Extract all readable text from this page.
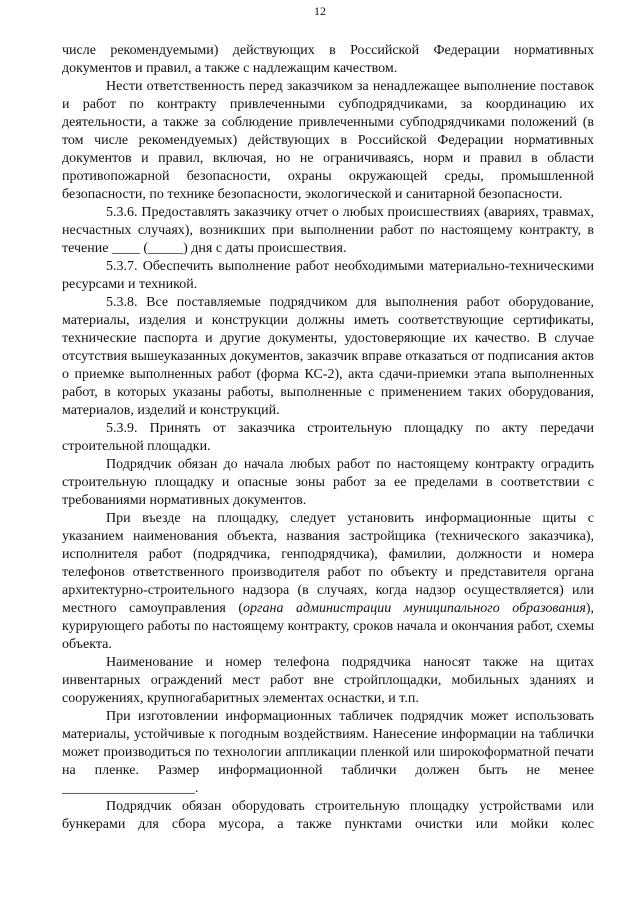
12

числе рекомендуемыми) действующих в Российской Федерации нормативных документов и правил, а также с надлежащим качеством.

Нести ответственность перед заказчиком за ненадлежащее выполнение поставок и работ по контракту привлеченными субподрядчиками, за координацию их деятельности, а также за соблюдение привлеченными субподрядчиками положений (в том числе рекомендуемых) действующих в Российской Федерации нормативных документов и правил, включая, но не ограничиваясь, норм и правил в области противопожарной безопасности, охраны окружающей среды, промышленной безопасности, по технике безопасности, экологической и санитарной безопасности.

5.3.6. Предоставлять заказчику отчет о любых происшествиях (авариях, травмах, несчастных случаях), возникших при выполнении работ по настоящему контракту, в течение ____ (_____) дня с даты происшествия.

5.3.7. Обеспечить выполнение работ необходимыми материально-техническими ресурсами и техникой.

5.3.8. Все поставляемые подрядчиком для выполнения работ оборудование, материалы, изделия и конструкции должны иметь соответствующие сертификаты, технические паспорта и другие документы, удостоверяющие их качество. В случае отсутствия вышеуказанных документов, заказчик вправе отказаться от подписания актов о приемке выполненных работ (форма КС-2), акта сдачи-приемки этапа выполненных работ, в которых указаны работы, выполненные с применением таких оборудования, материалов, изделий и конструкций.

5.3.9. Принять от заказчика строительную площадку по акту передачи строительной площадки.

Подрядчик обязан до начала любых работ по настоящему контракту оградить строительную площадку и опасные зоны работ за ее пределами в соответствии с требованиями нормативных документов.

При въезде на площадку, следует установить информационные щиты с указанием наименования объекта, названия застройщика (технического заказчика), исполнителя работ (подрядчика, генподрядчика), фамилии, должности и номера телефонов ответственного производителя работ по объекту и представителя органа архитектурно-строительного надзора (в случаях, когда надзор осуществляется) или местного самоуправления (органа администрации муниципального образования), курирующего работы по настоящему контракту, сроков начала и окончания работ, схемы объекта.

Наименование и номер телефона подрядчика наносят также на щитах инвентарных ограждений мест работ вне стройплощадки, мобильных зданиях и сооружениях, крупногабаритных элементах оснастки, и т.п.

При изготовлении информационных табличек подрядчик может использовать материалы, устойчивые к погодным воздействиям. Нанесение информации на таблички может производиться по технологии аппликации пленкой или широкоформатной печати на пленке. Размер информационной таблички должен быть не менее ___________________.

Подрядчик обязан оборудовать строительную площадку устройствами или бункерами для сбора мусора, а также пунктами очистки или мойки колес
